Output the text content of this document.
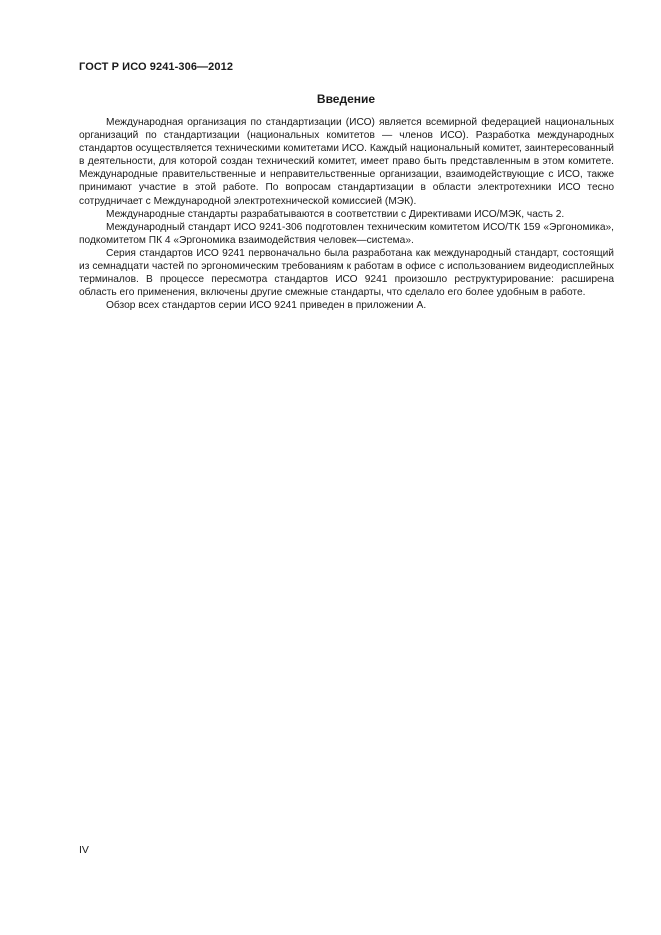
ГОСТ Р ИСО 9241-306—2012
Введение

Международная организация по стандартизации (ИСО) является всемирной федерацией национальных организаций по стандартизации (национальных комитетов — членов ИСО). Разработка международных стандартов осуществляется техническими комитетами ИСО. Каждый национальный комитет, заинтересованный в деятельности, для которой создан технический комитет, имеет право быть представленным в этом комитете. Международные правительственные и неправительственные организации, взаимодействующие с ИСО, также принимают участие в этой работе. По вопросам стандартизации в области электротехники ИСО тесно сотрудничает с Международной электротехнической комиссией (МЭК).

Международные стандарты разрабатываются в соответствии с Директивами ИСО/МЭК, часть 2.

Международный стандарт ИСО 9241-306 подготовлен техническим комитетом ИСО/ТК 159 «Эргономика», подкомитетом ПК 4 «Эргономика взаимодействия человек—система».

Серия стандартов ИСО 9241 первоначально была разработана как международный стандарт, состоящий из семнадцати частей по эргономическим требованиям к работам в офисе с использованием видеодисплейных терминалов. В процессе пересмотра стандартов ИСО 9241 произошло реструктурирование: расширена область его применения, включены другие смежные стандарты, что сделало его более удобным в работе.

Обзор всех стандартов серии ИСО 9241 приведен в приложении А.

IV
